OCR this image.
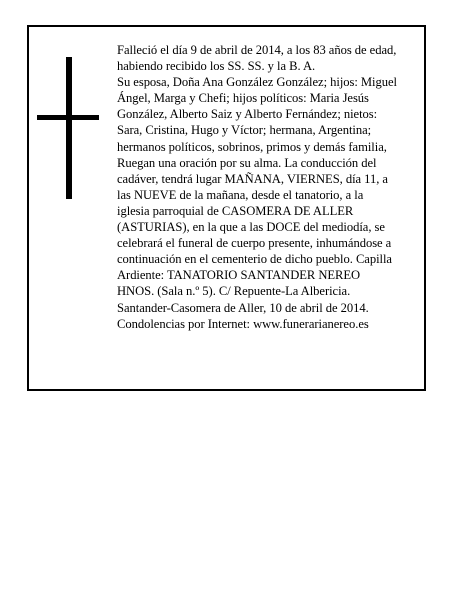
Falleció el día 9 de abril de 2014, a los 83 años de edad,
habiendo recibido los SS. SS. y la B. A.
Su esposa, Doña Ana González González; hijos: Miguel
Ángel, Marga y Chefi; hijos políticos: Maria Jesús
González, Alberto Saiz y Alberto Fernández; nietos:
Sara, Cristina, Hugo y Víctor; hermana, Argentina;
hermanos políticos, sobrinos, primos y demás familia,
Ruegan una oración por su alma. La conducción del
cadáver, tendrá lugar MAÑANA, VIERNES, día 11, a
las NUEVE de la mañana, desde el tanatorio, a la
iglesia parroquial de CASOMERA DE ALLER
(ASTURIAS), en la que a las DOCE del mediodía, se
celebrará el funeral de cuerpo presente, inhumándose a
continuación en el cementerio de dicho pueblo. Capilla
Ardiente: TANATORIO SANTANDER NEREO
HNOS. (Sala n.º 5). C/ Repuente-La Albericia.
Santander-Casomera de Aller, 10 de abril de 2014.
Condolencias por Internet: www.funerarianereo.es
